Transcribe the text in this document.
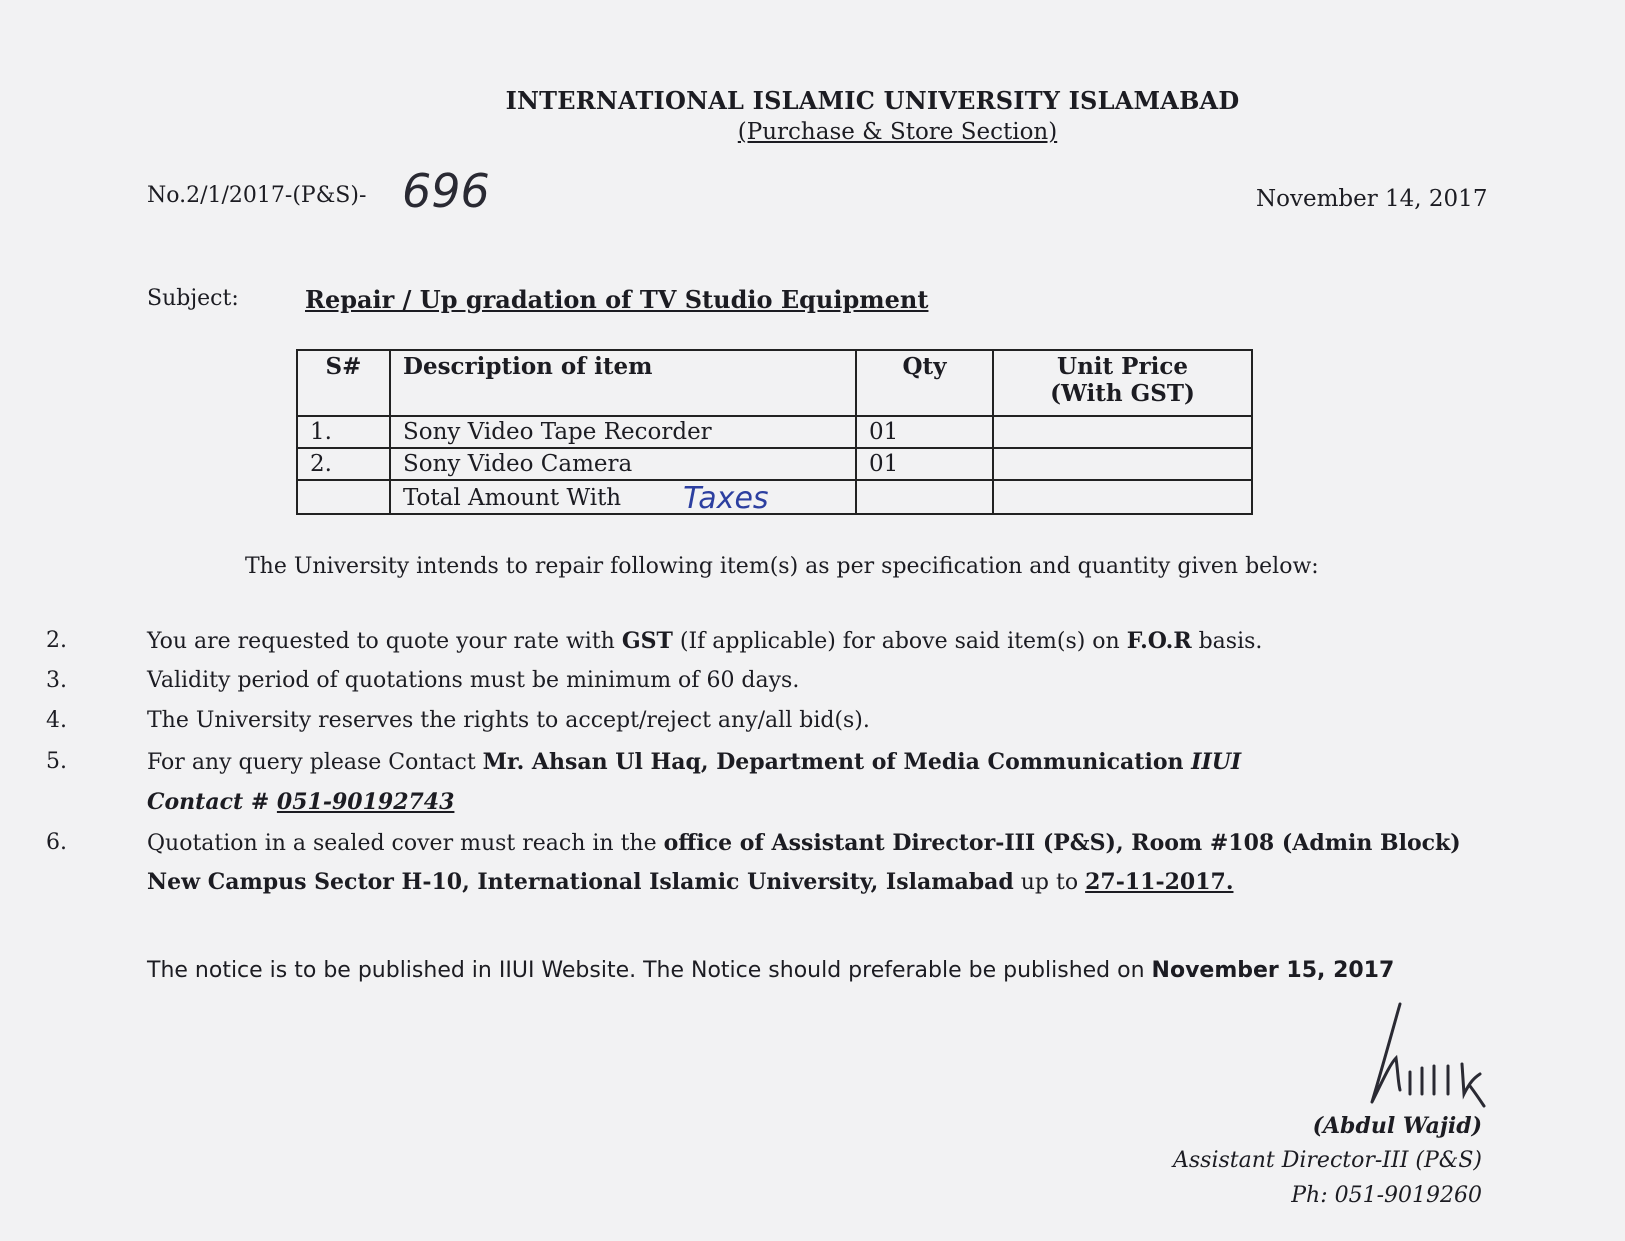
INTERNATIONAL ISLAMIC UNIVERSITY ISLAMABAD
(Purchase & Store Section)
No.2/1/2017-(P&S)- 696	November 14, 2017
Subject:	Repair / Up gradation of TV Studio Equipment
S#	Description of item	Qty	Unit Price
(With GST)

1.	Sony Video Tape Recorder	01	
2.	Sony Video Camera	01	
	Total Amount With Taxes		
The University intends to repair following item(s) as per specification and quantity given below:
2.	You are requested to quote your rate with GST (If applicable) for above said item(s) on F.O.R basis.
3.	Validity period of quotations must be minimum of 60 days.
4.	The University reserves the rights to accept/reject any/all bid(s).
5.	For any query please Contact Mr. Ahsan Ul Haq, Department of Media Communication IIUI
Contact # 051-90192743
6.	Quotation in a sealed cover must reach in the office of Assistant Director-III (P&S), Room #108 (Admin Block)
New Campus Sector H-10, International Islamic University, Islamabad up to 27-11-2017.
The notice is to be published in IIUI Website. The Notice should preferable be published on November 15, 2017
(Abdul Wajid)
Assistant Director-III (P&S)
Ph: 051-9019260
